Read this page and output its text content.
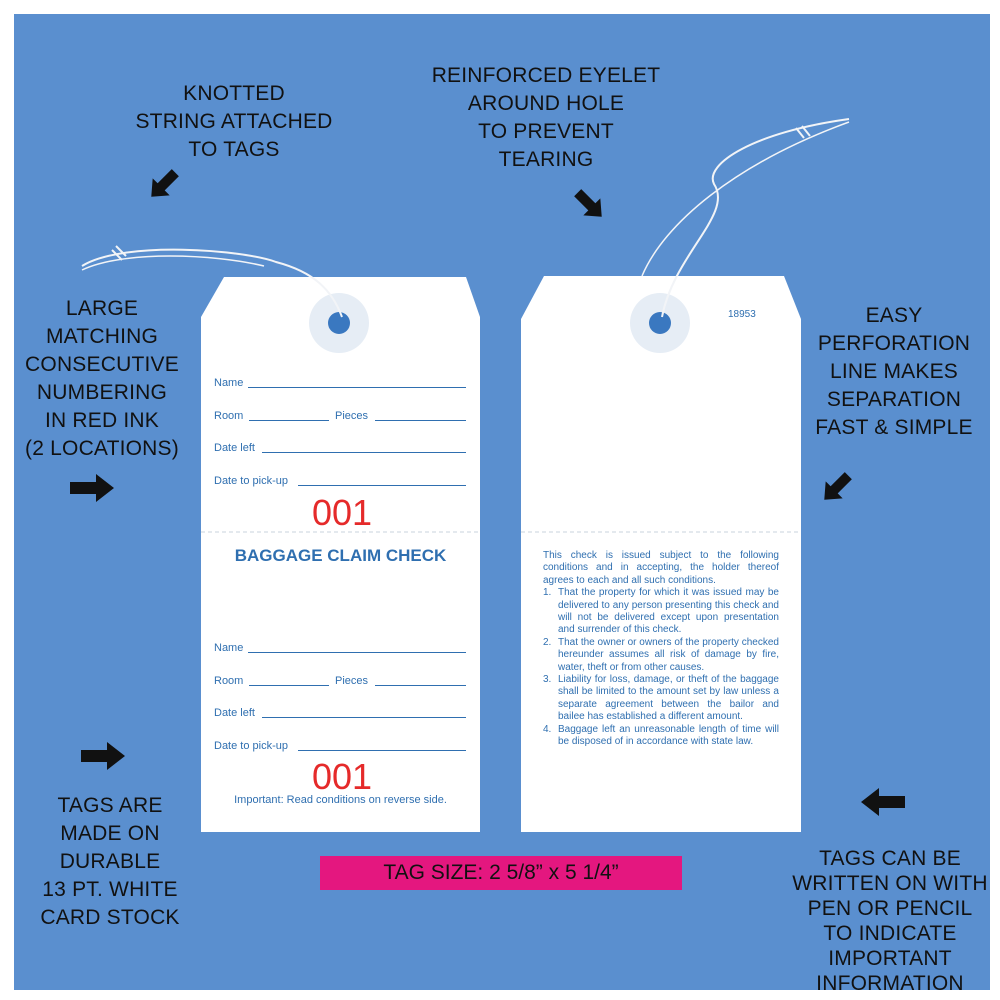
KNOTTED
STRING ATTACHED
TO TAGS
REINFORCED EYELET
AROUND HOLE
TO PREVENT
TEARING
LARGE
MATCHING
CONSECUTIVE
NUMBERING
IN RED INK
(2 LOCATIONS)
EASY
PERFORATION
LINE MAKES
SEPARATION
FAST & SIMPLE
TAGS ARE
MADE ON
DURABLE
13 PT. WHITE
CARD STOCK
TAGS CAN BE
WRITTEN ON WITH
PEN OR PENCIL
TO INDICATE
IMPORTANT
INFORMATION
Name
Room	Pieces
Date left
Date to pick-up
001
BAGGAGE CLAIM CHECK
Name
Room	Pieces
Date left
Date to pick-up
001
Important: Read conditions on reverse side.
18953
This check is issued subject to the following conditions and in accepting, the holder thereof agrees to each and all such conditions.
1. That the property for which it was issued may be delivered to any person presenting this check and will not be delivered except upon presentation and surrender of this check.
2. That the owner or owners of the property checked hereunder assumes all risk of damage by fire, water, theft or from other causes.
3. Liability for loss, damage, or theft of the baggage shall be limited to the amount set by law unless a separate agreement between the bailor and bailee has established a different amount.
4. Baggage left an unreasonable length of time will be disposed of in accordance with state law.
TAG SIZE: 2 5/8” x 5 1/4”
